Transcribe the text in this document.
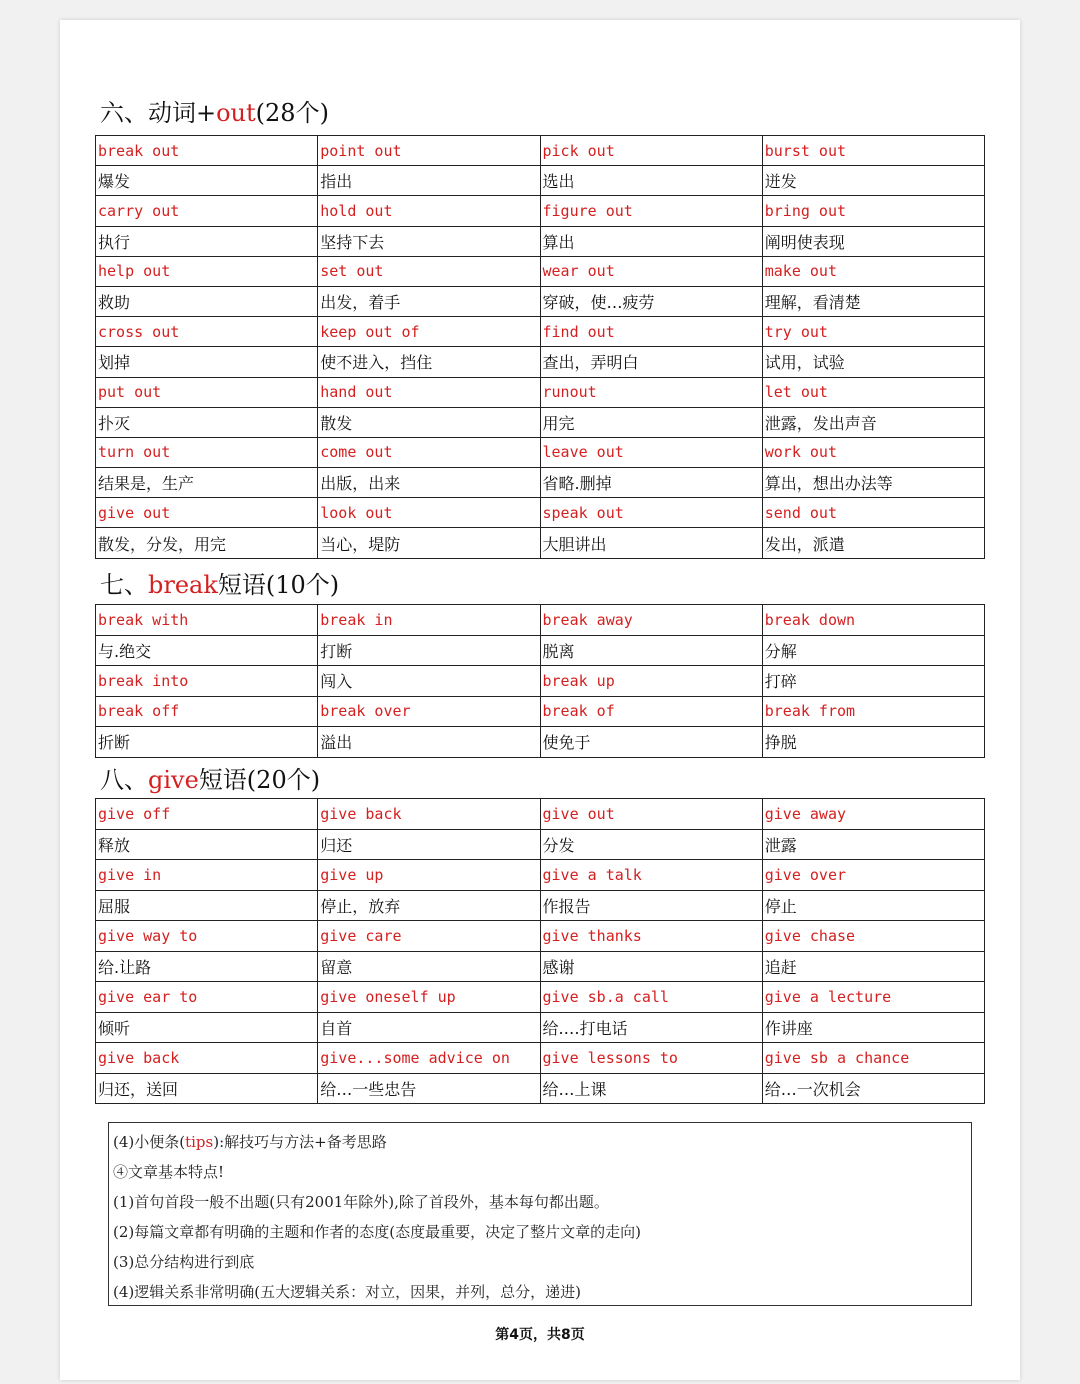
六、动词+out(28个)
break out	point out	pick out	burst out
爆发	指出	选出	迸发
carry out	hold out	figure out	bring out
执行	坚持下去	算出	阐明使表现
help out	set out	wear out	make out
救助	出发，着手	穿破，使…疲劳	理解，看清楚
cross out	keep out of	find out	try out
划掉	使不进入，挡住	查出，弄明白	试用，试验
put out	hand out	runout	let out
扑灭	散发	用完	泄露，发出声音
turn out	come out	leave out	work out
结果是，生产	出版，出来	省略.删掉	算出，想出办法等
give out	look out	speak out	send out
散发，分发，用完	当心，堤防	大胆讲出	发出，派遣
七、break短语(10个)
break with	break in	break away	break down
与.绝交	打断	脱离	分解
break into	闯入	break up	打碎
break off	break over	break of	break from
折断	溢出	使免于	挣脱
八、give短语(20个)
give off	give back	give out	give away
释放	归还	分发	泄露
give in	give up	give a talk	give over
屈服	停止，放弃	作报告	停止
give way to	give care	give thanks	give chase
给.让路	留意	感谢	追赶
give ear to	give oneself up	give sb.a call	give a lecture
倾听	自首	给.…打电话	作讲座
give back	give...some advice on	give lessons to	give sb a chance
归还，送回	给…一些忠告	给…上课	给…一次机会
(4)小便条(tips):解技巧与方法+备考思路
④文章基本特点!
(1)首句首段一般不出题(只有2001年除外),除了首段外，基本每句都出题。
(2)每篇文章都有明确的主题和作者的态度(态度最重要，决定了整片文章的走向)
(3)总分结构进行到底
(4)逻辑关系非常明确(五大逻辑关系：对立，因果，并列，总分，递进)
第4页，共8页
